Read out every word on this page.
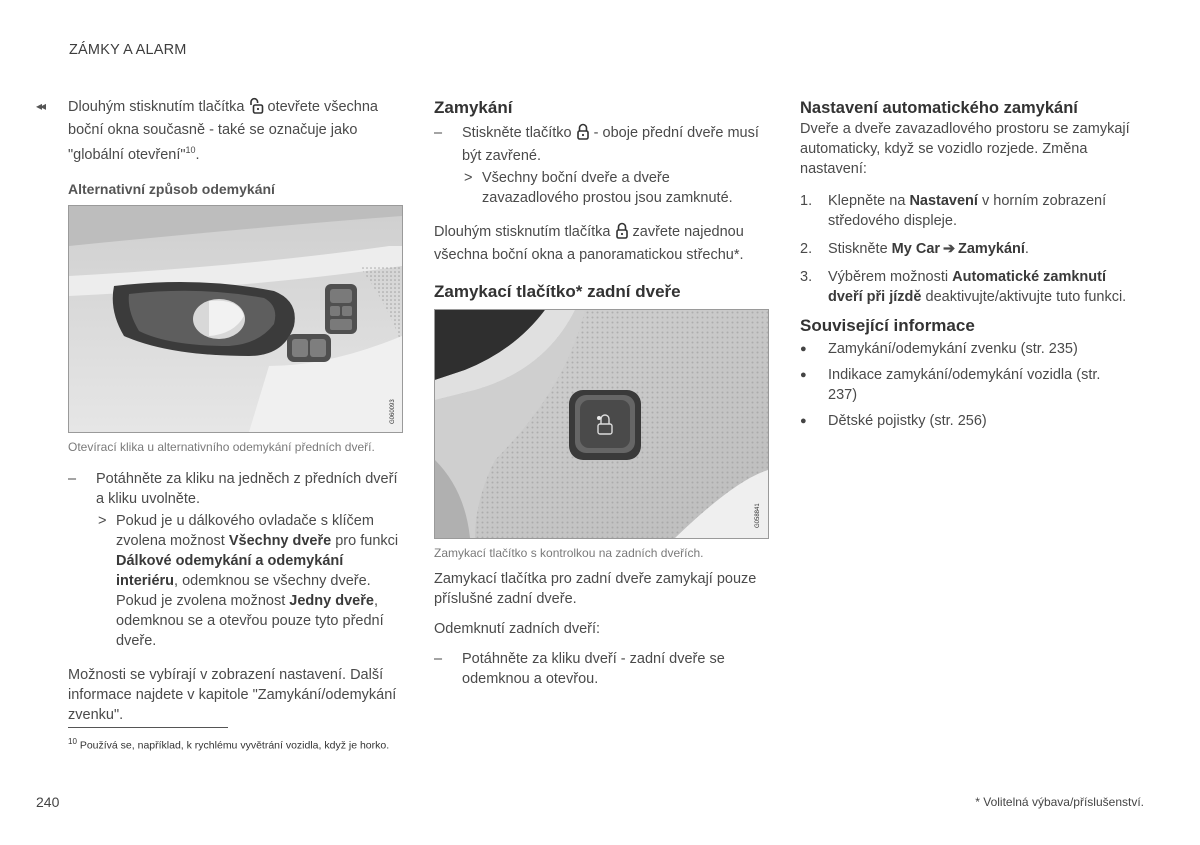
ZÁMKY A ALARM
◂◂ Dlouhým stisknutím tlačítka  otevřete všechna boční okna současně - také se označuje jako "globální otevření"$^{10}$.

Alternativní způsob odemykání
G060093
Otevírací klika u alternativního odemykání předních dveří.

– Potáhněte za kliku na jedněch z předních dveří a kliku uvolněte.

> Pokud je u dálkového ovladače s klíčem zvolena možnost Všechny dveře pro funkci Dálkové odemykání a odemykání interiéru, odemknou se všechny dveře. Pokud je zvolena možnost Jedny dveře, odemknou se a otevřou pouze tyto přední dveře.

Možnosti se vybírají v zobrazení nastavení. Další informace najdete v kapitole "Zamykání/odemykání zvenku".

Zamykání

– Stiskněte tlačítko  - oboje přední dveře musí být zavřené.

> Všechny boční dveře a dveře zavazadlového prostou jsou zamknuté.

Dlouhým stisknutím tlačítka  zavřete najednou všechna boční okna a panoramatickou střechu*.

Zamykací tlačítko* zadní dveře
G058841
Zamykací tlačítko s kontrolkou na zadních dveřích.

Zamykací tlačítka pro zadní dveře zamykají pouze příslušné zadní dveře.

Odemknutí zadních dveří:

– Potáhněte za kliku dveří - zadní dveře se odemknou a otevřou.

Nastavení automatického zamykání

Dveře a dveře zavazadlového prostoru se zamykají automaticky, když se vozidlo rozjede. Změna nastavení:

1. Klepněte na Nastavení v horním zobrazení středového displeje.
2. Stiskněte My Car  ➔  Zamykání.
3. Výběrem možnosti Automatické zamknutí dveří při jízdě deaktivujte/aktivujte tuto funkci.
Související informace
● Zamykání/odemykání zvenku (str. 235)
● Indikace zamykání/odemykání vozidla (str. 237)
● Dětské pojistky (str. 256)
$^{10}$ Používá se, například, k rychlému vyvětrání vozidla, když je horko.
240	* Volitelná výbava/příslušenství.
